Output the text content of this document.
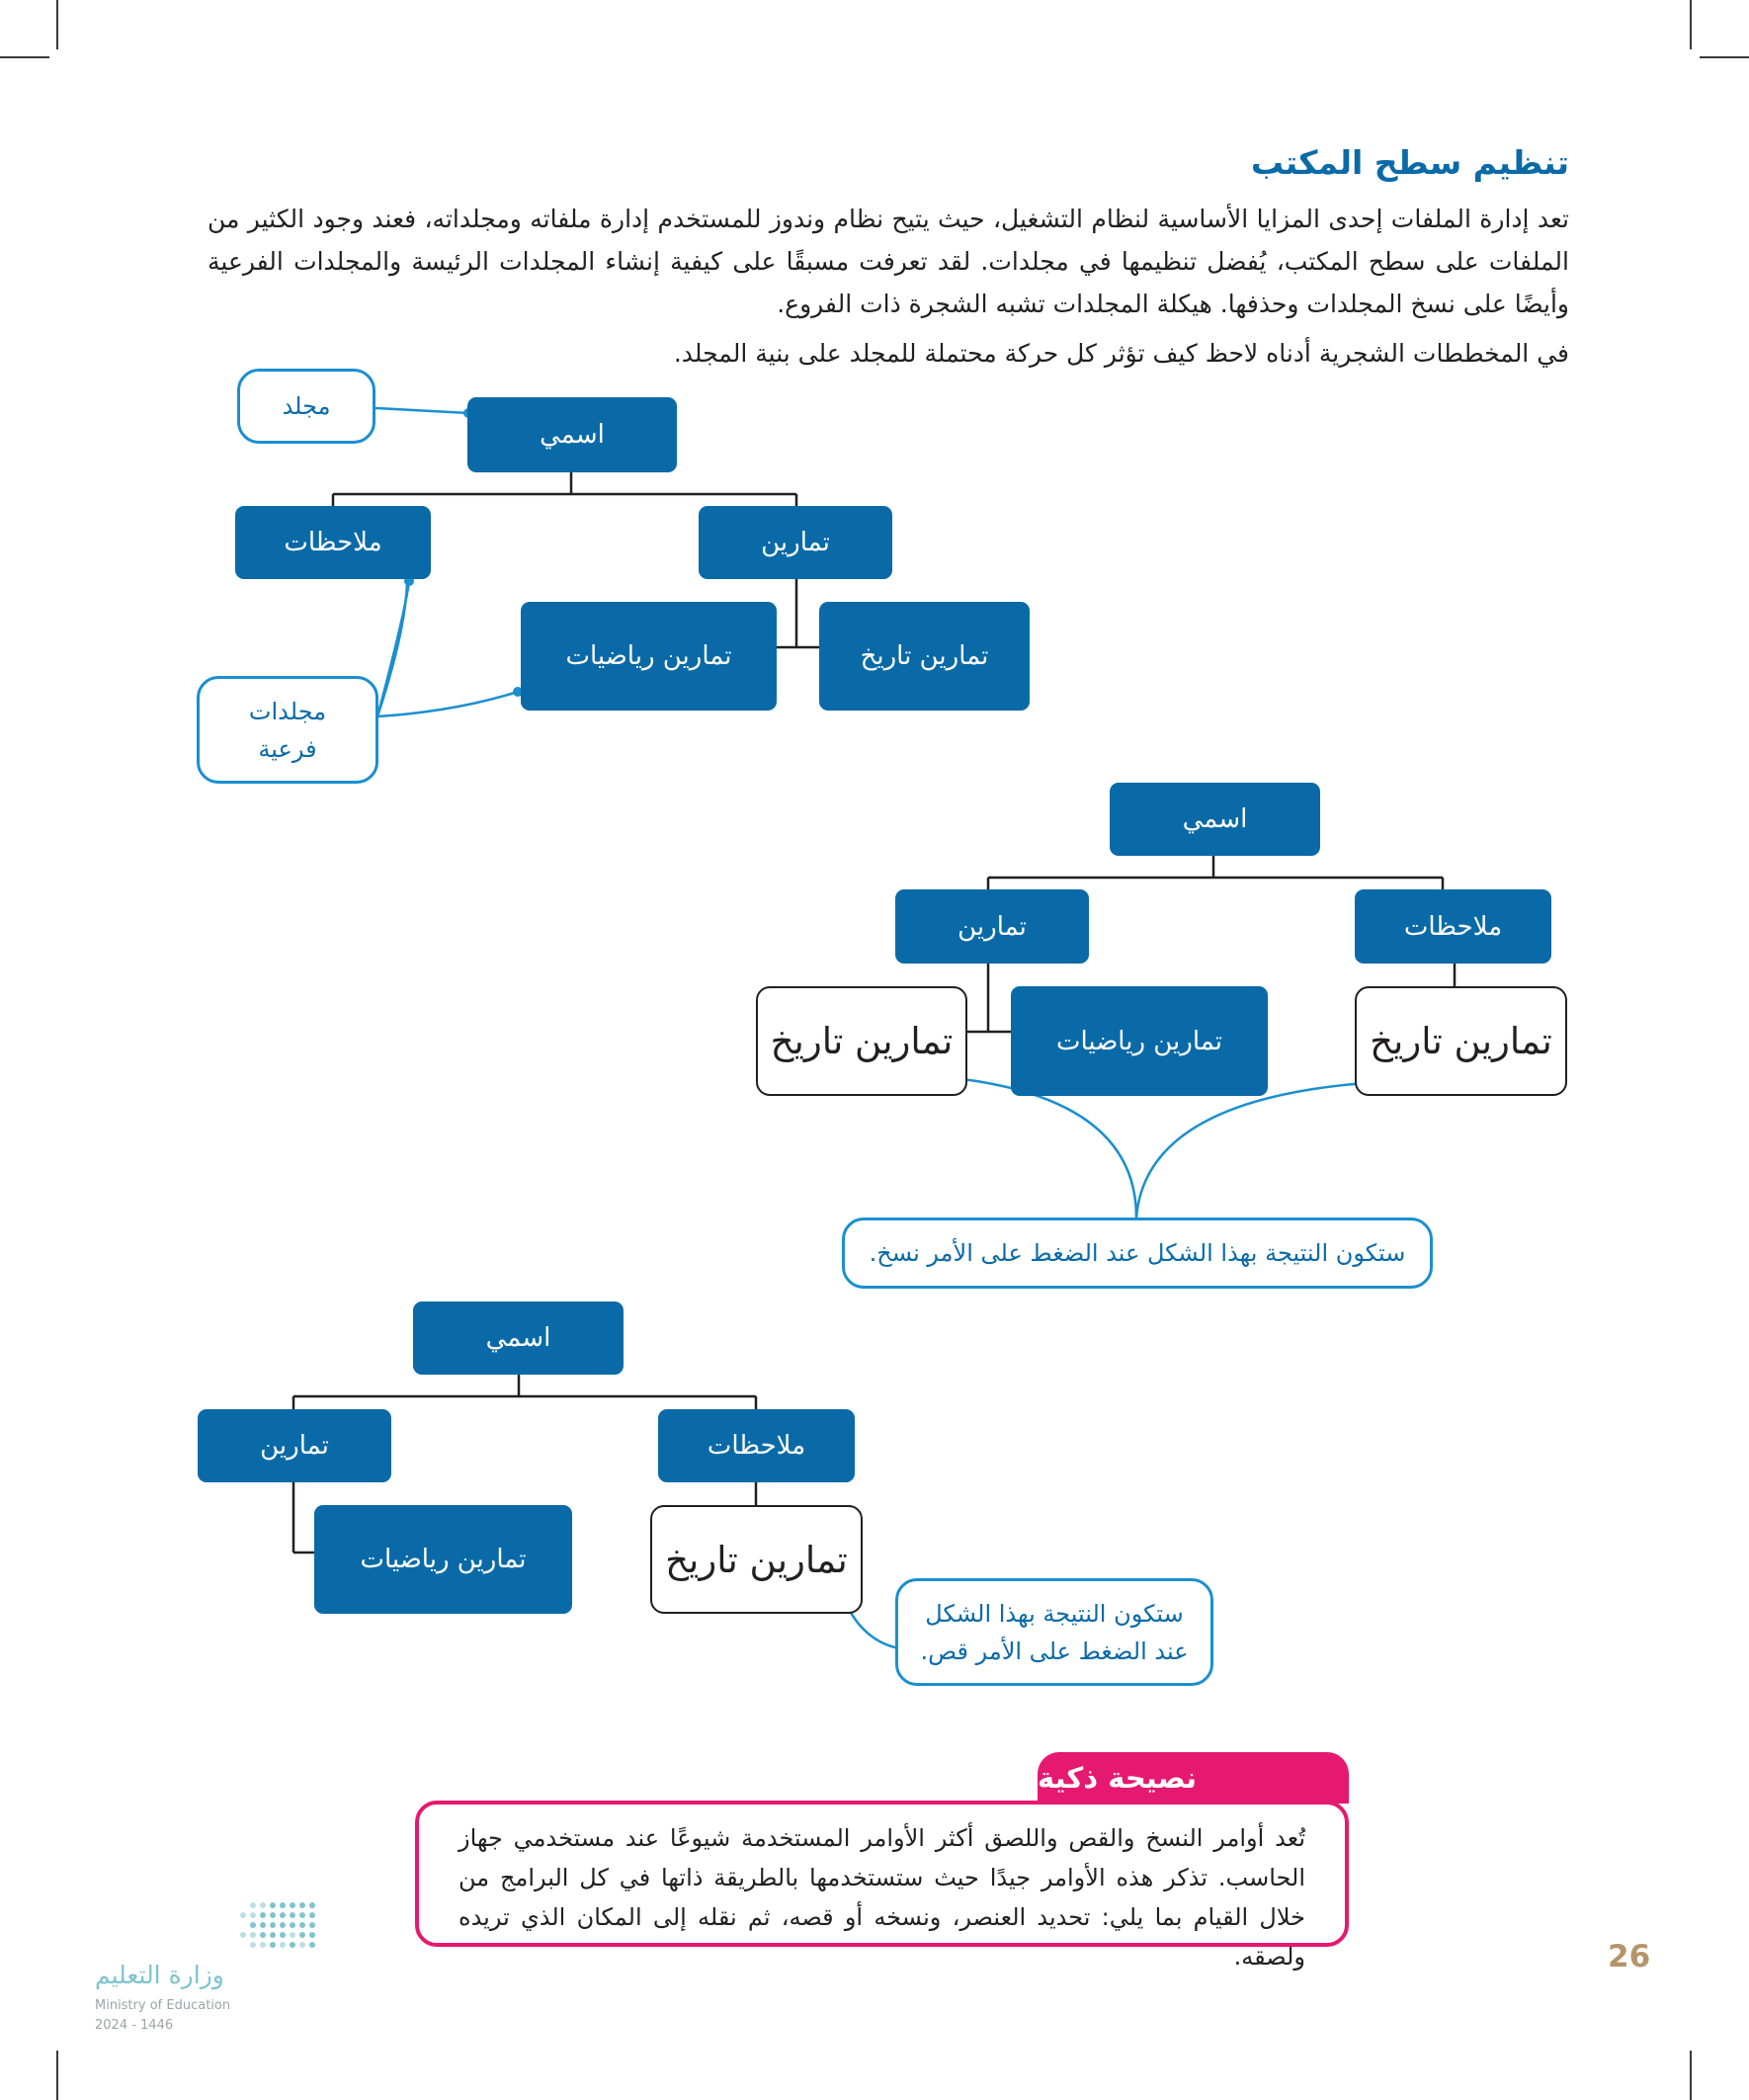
تنظيم سطح المكتب

تعد إدارة الملفات إحدى المزايا الأساسية لنظام التشغيل، حيث يتيح نظام وندوز للمستخدم إدارة ملفاته ومجلداته، فعند وجود الكثير من الملفات على سطح المكتب، يُفضل تنظيمها في مجلدات. لقد تعرفت مسبقًا على كيفية إنشاء المجلدات الرئيسة والمجلدات الفرعية وأيضًا على نسخ المجلدات وحذفها. هيكلة المجلدات تشبه الشجرة ذات الفروع.

في المخططات الشجرية أدناه لاحظ كيف تؤثر كل حركة محتملة للمجلد على بنية المجلد.

مجلد
اسمي
ملاحظات	تمارين
تمارين رياضيات	تمارين تاريخ
مجلدات
فرعية
اسمي
تمارين	ملاحظات
تمارين تاريخ	تمارين رياضيات	تمارين تاريخ
ستكون النتيجة بهذا الشكل عند الضغط على الأمر نسخ.
اسمي
تمارين	ملاحظات
تمارين رياضيات	تمارين تاريخ
ستكون النتيجة بهذا الشكل
عند الضغط على الأمر قص.
نصيحة ذكية
تُعد أوامر النسخ والقص واللصق أكثر الأوامر المستخدمة شيوعًا عند مستخدمي جهاز الحاسب. تذكر هذه الأوامر جيدًا حيث ستستخدمها بالطريقة ذاتها في كل البرامج من خلال القيام بما يلي: تحديد العنصر، ونسخه أو قصه، ثم نقله إلى المكان الذي تريده ولصقه.	26
وزارة التعليم
Ministry of Education
2024 - 1446
